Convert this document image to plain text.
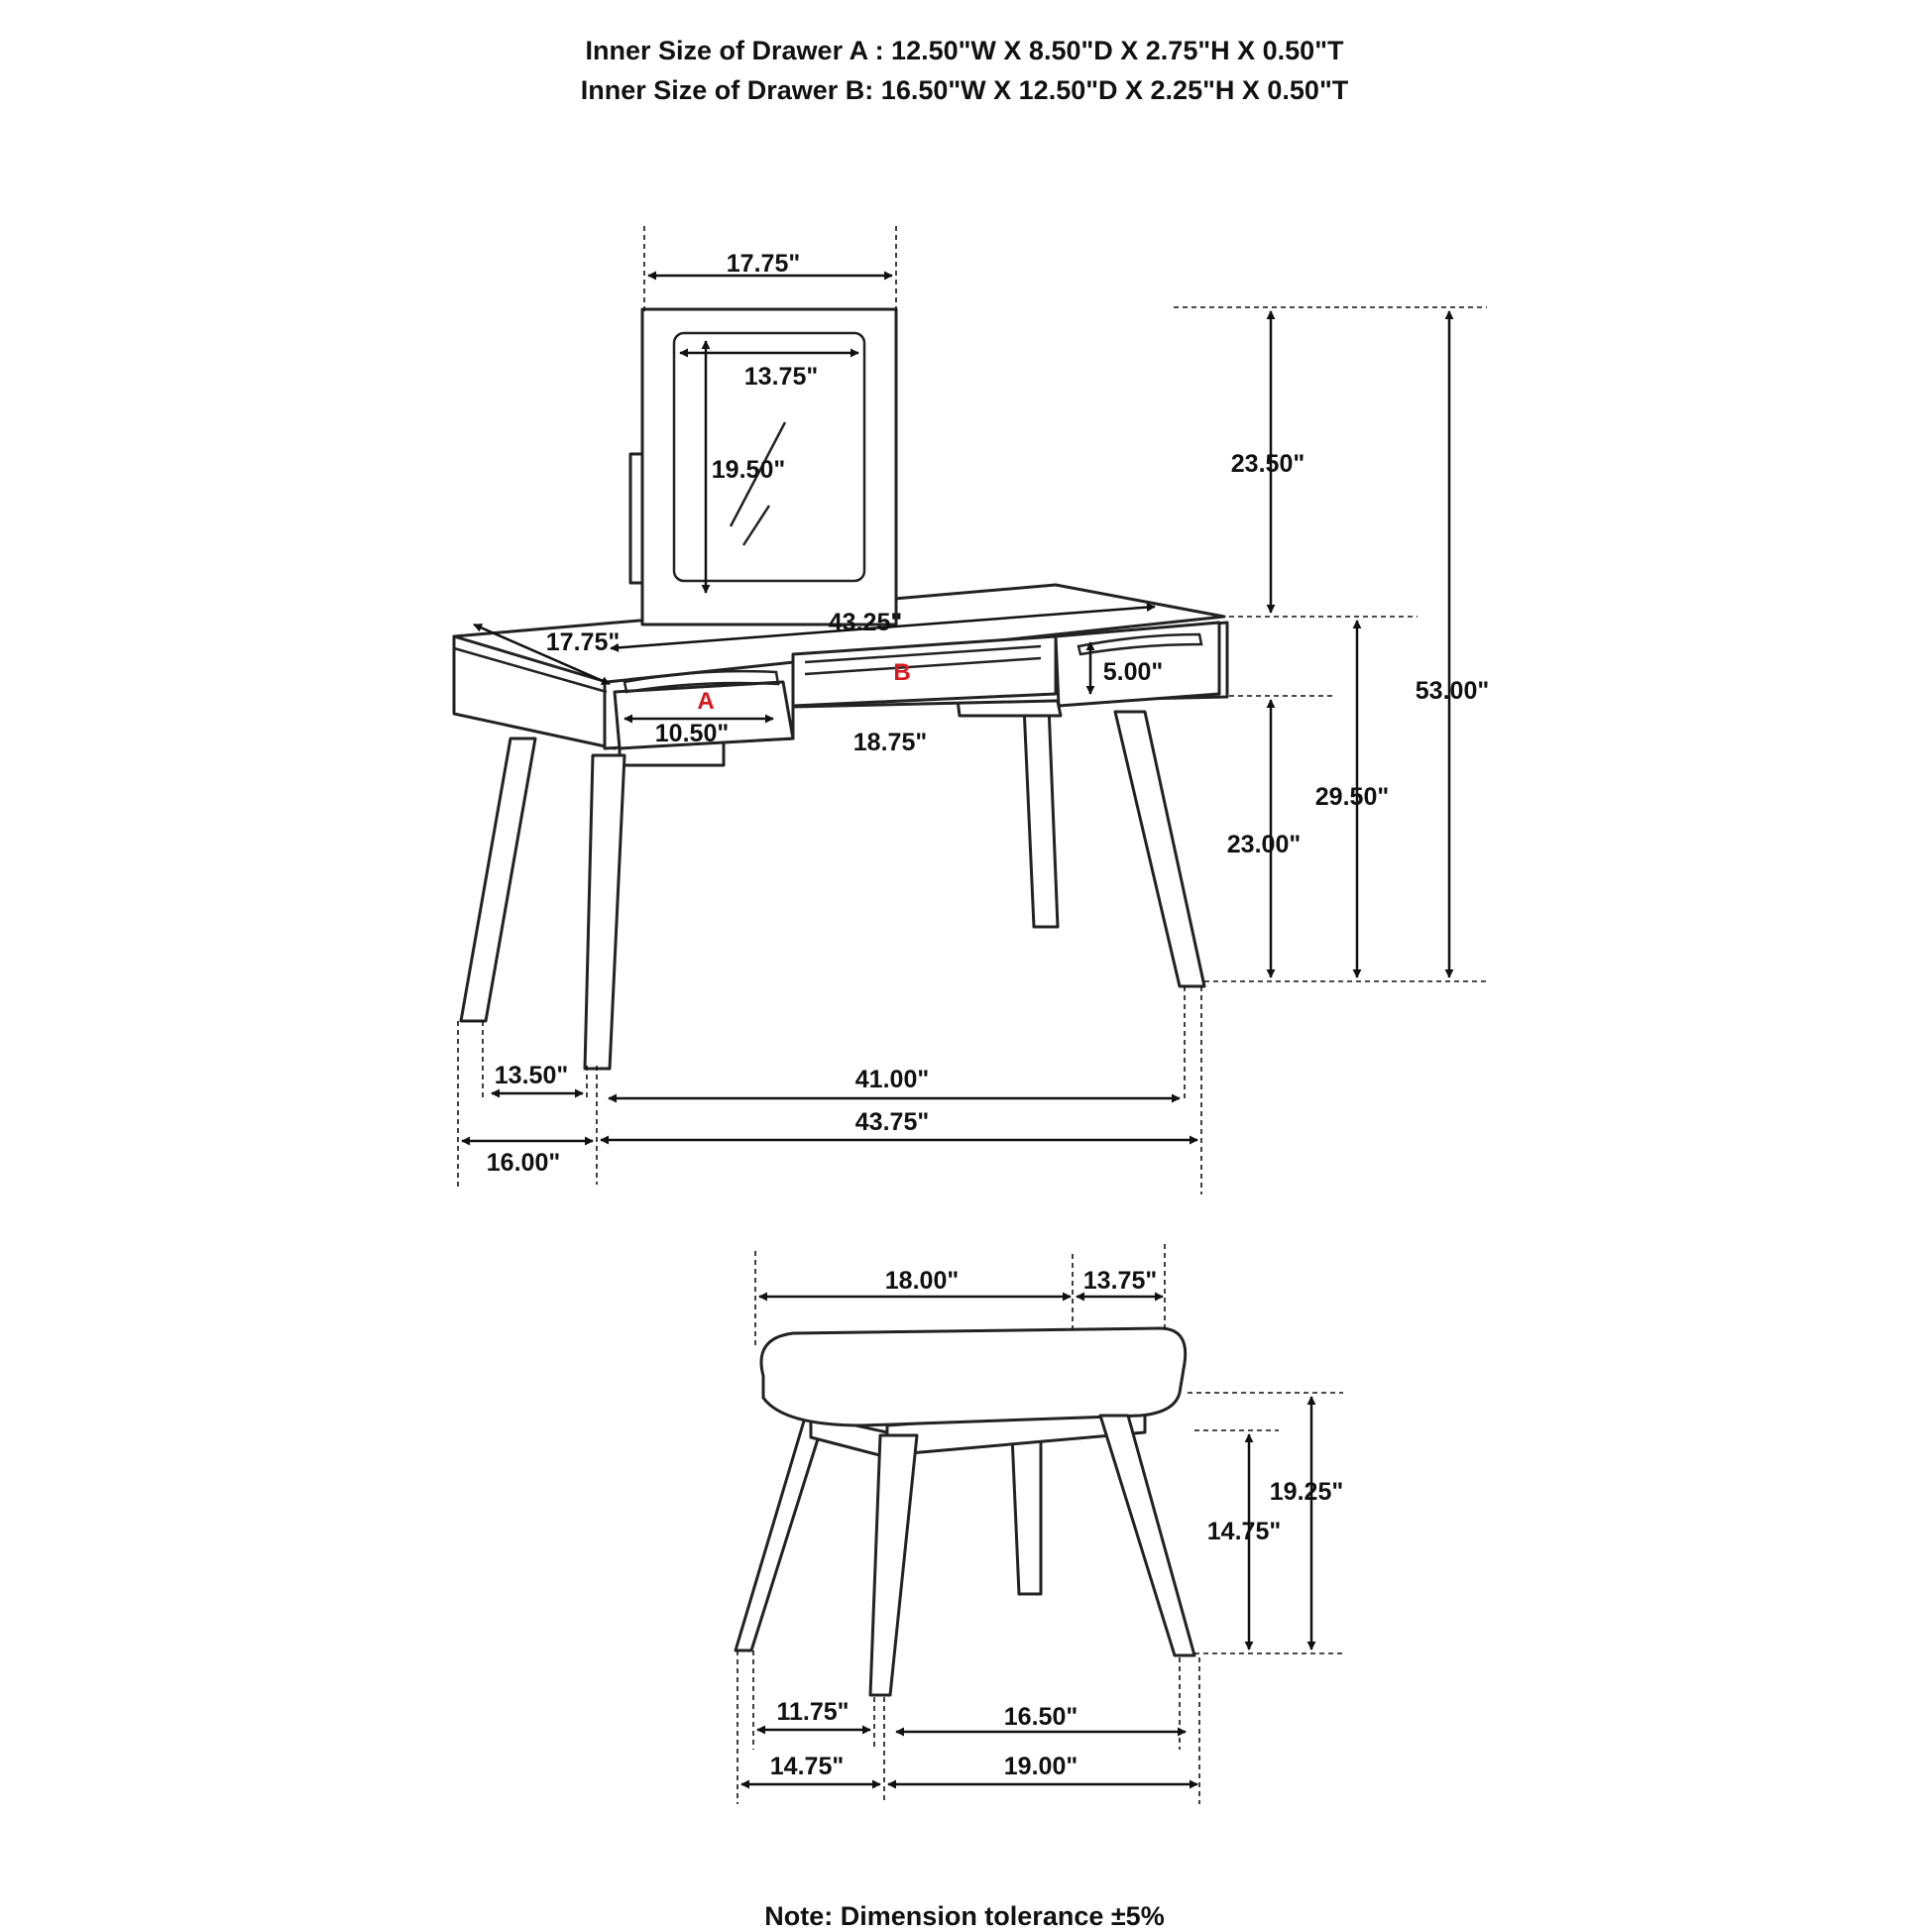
Inner Size of Drawer A : 12.50"W X 8.50"D X 2.75"H X 0.50"T
Inner Size of Drawer B: 16.50"W X 12.50"D X 2.25"H X 0.50"T
17.75"
13.75"
19.50"
43.25"
17.75"
5.00"
10.50"	18.75"
23.50"
23.00"
29.50"
53.00"
13.50"
16.00"
41.00"
43.75"
A
B
18.00"	13.75"
19.25"
14.75"
11.75"
14.75"
16.50"
19.00"
Note: Dimension tolerance ±5%
